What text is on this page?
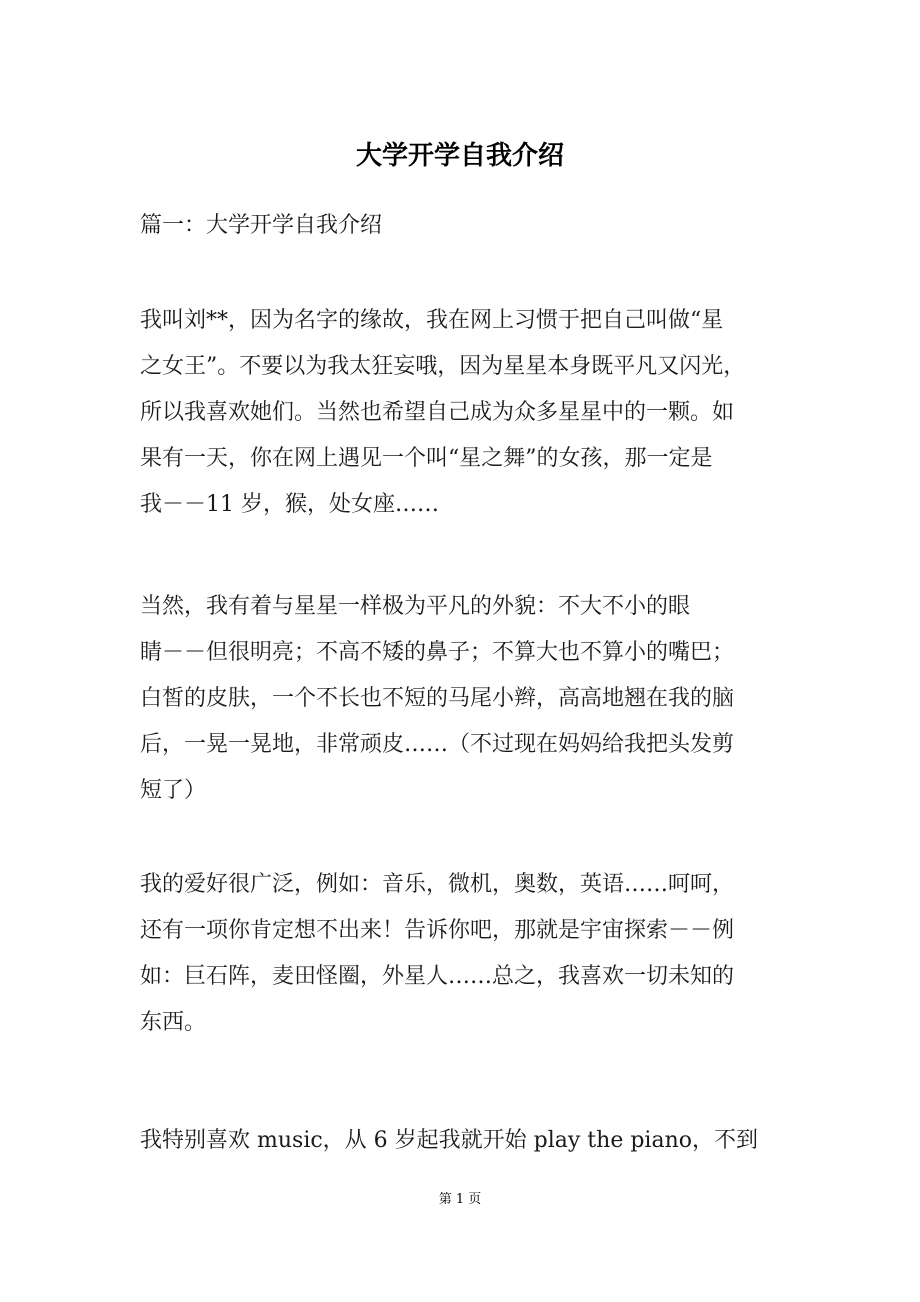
大学开学自我介绍
篇一：大学开学自我介绍
我叫刘**，因为名字的缘故，我在网上习惯于把自己叫做“星
之女王”。不要以为我太狂妄哦，因为星星本身既平凡又闪光，
所以我喜欢她们。当然也希望自己成为众多星星中的一颗。如
果有一天，你在网上遇见一个叫“星之舞”的女孩，那一定是
我－－11 岁，猴，处女座……
当然，我有着与星星一样极为平凡的外貌：不大不小的眼
睛－－但很明亮；不高不矮的鼻子；不算大也不算小的嘴巴；
白皙的皮肤，一个不长也不短的马尾小辫，高高地翘在我的脑
后，一晃一晃地，非常顽皮……（不过现在妈妈给我把头发剪
短了）
我的爱好很广泛，例如：音乐，微机，奥数，英语……呵呵，
还有一项你肯定想不出来！告诉你吧，那就是宇宙探索－－例
如：巨石阵，麦田怪圈，外星人……总之，我喜欢一切未知的
东西。
我特别喜欢 music，从 6 岁起我就开始 play the piano，不到
第 1 页
